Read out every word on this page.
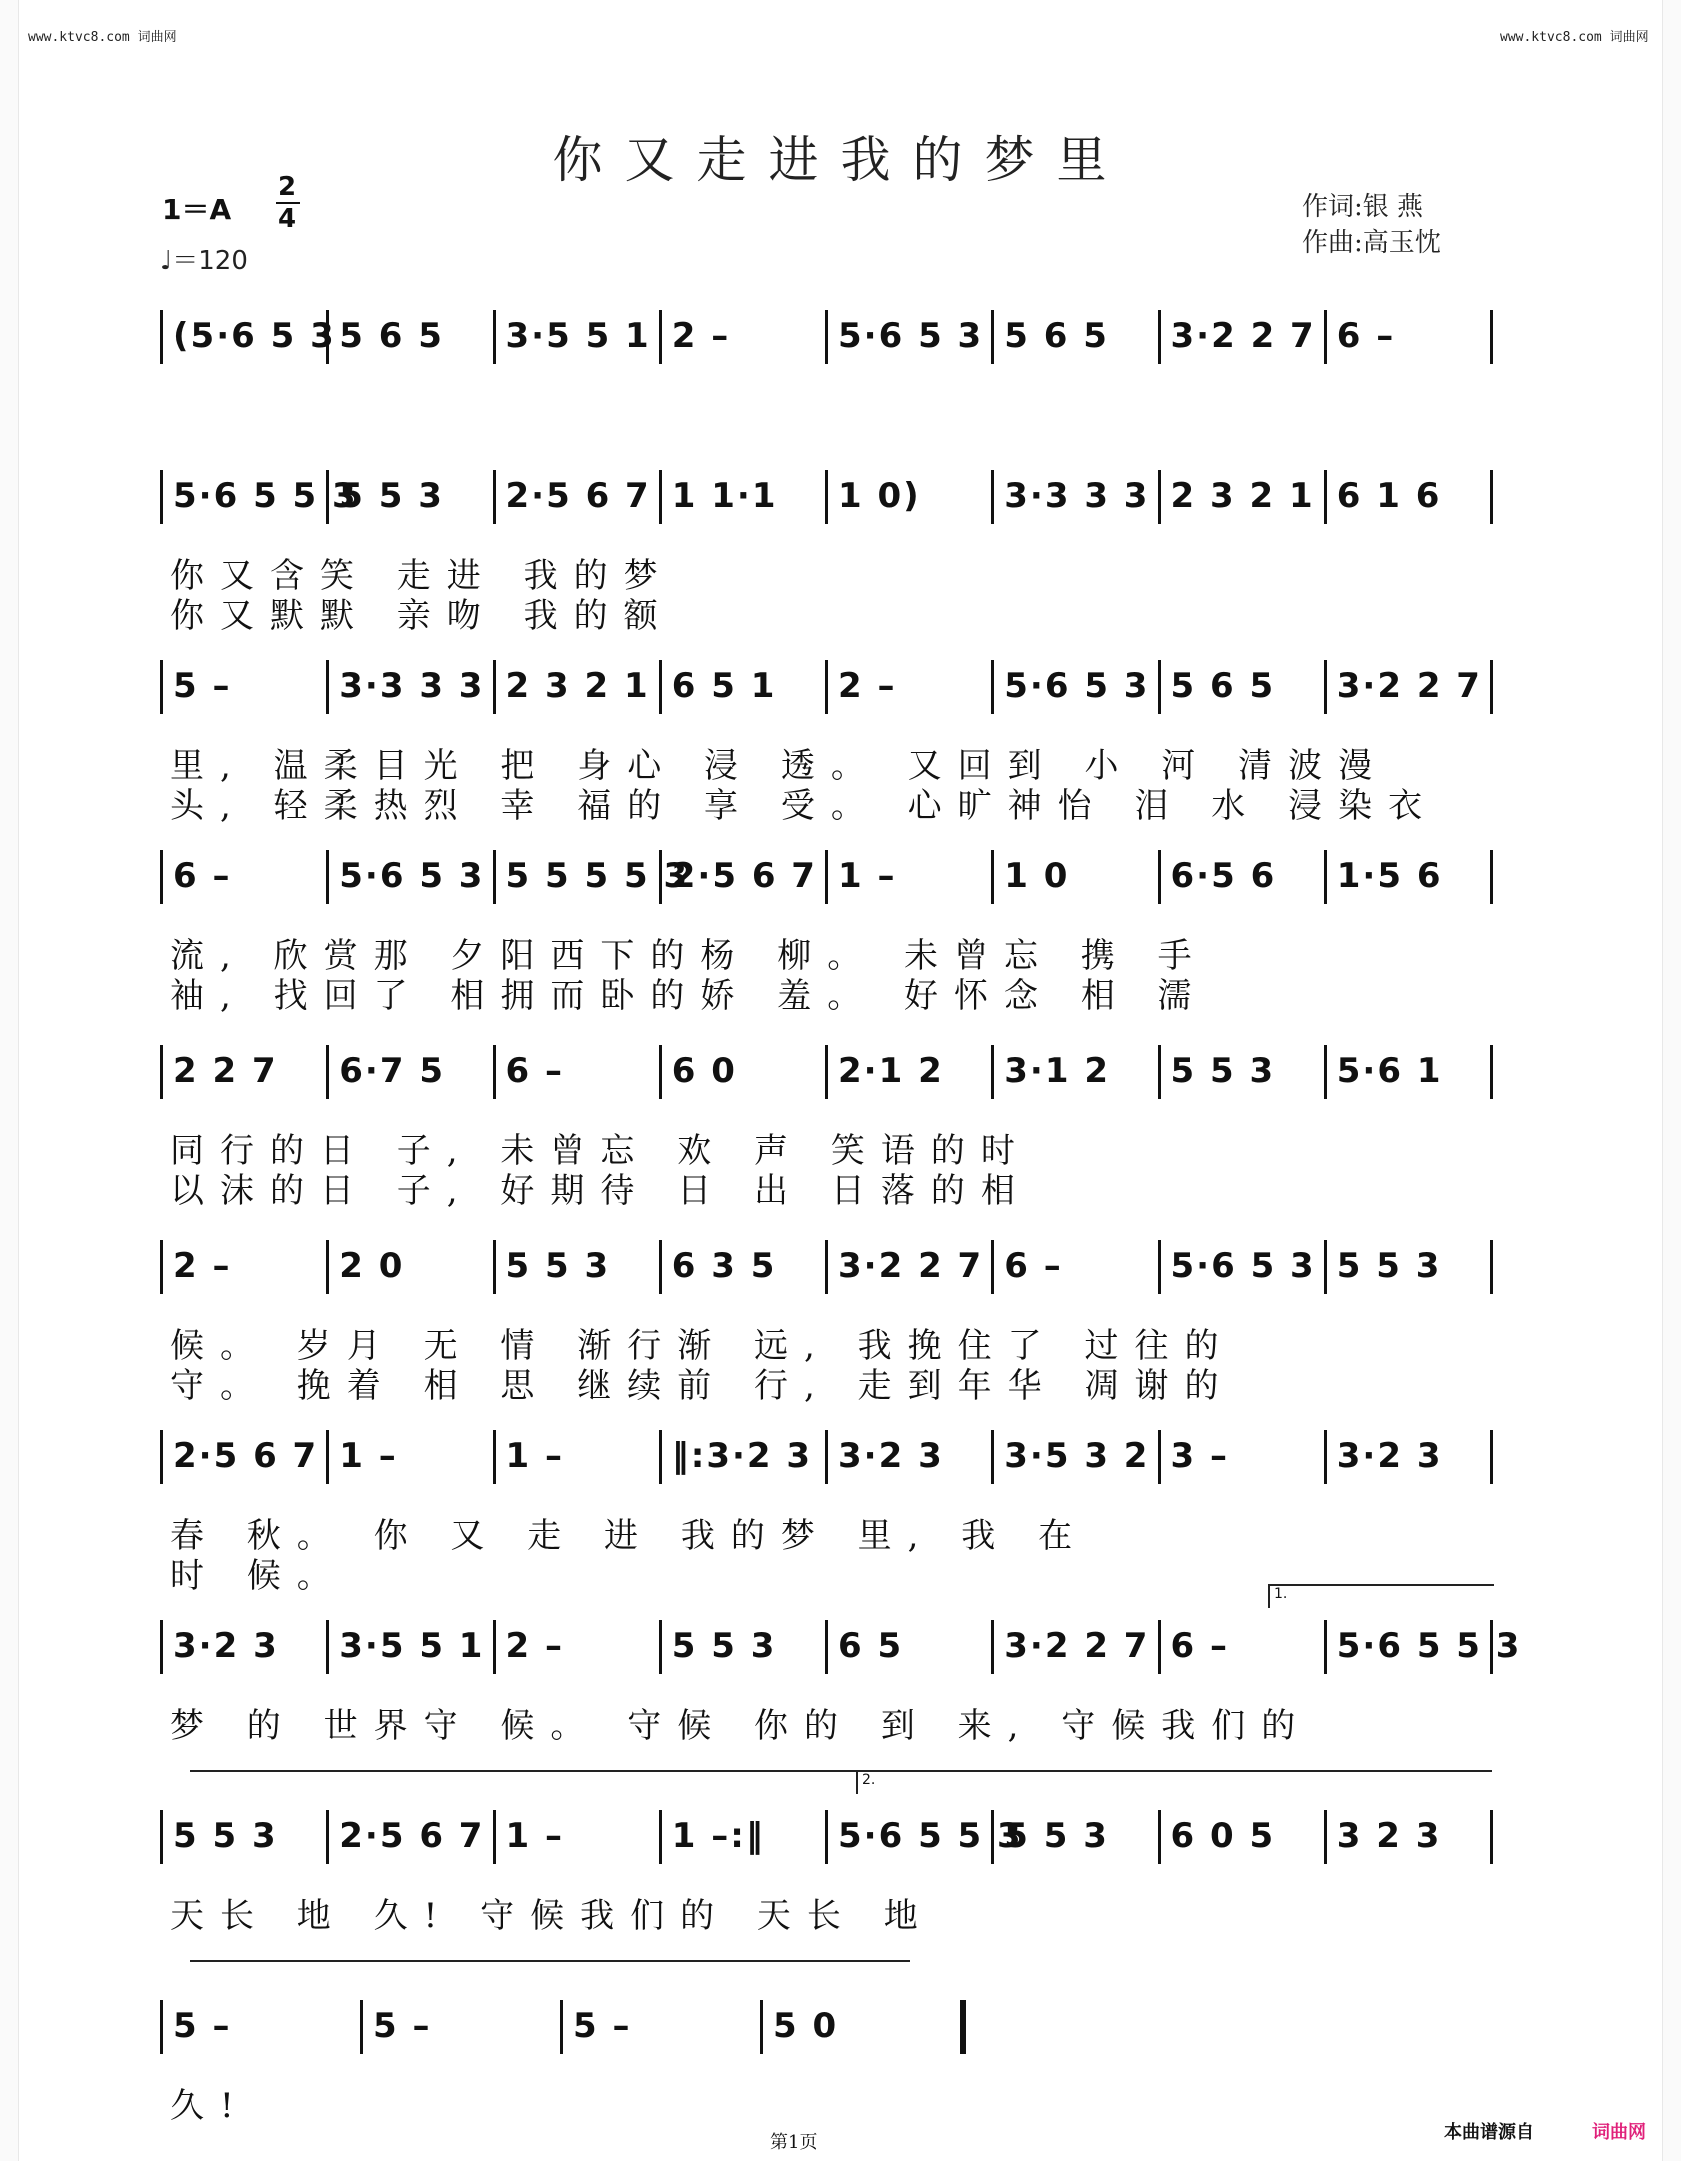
www.ktvc8.com 词曲网	www.ktvc8.com 词曲网
你又走进我的梦里
1＝A
2
4
♩＝120
作词:银 燕
作曲:高玉忱
(5·6 5 3 5 6 5 3·5 5 1 2 –	5·6 5 3 5 6 5 3·2 2 7 6 –
5·6 5 5 3
5 5 3 2·5 6 7 1 1·1 1 0) 3·3 3 3 2 3 2 1 6 1 6
你又含笑 走进 我的梦
你又默默 亲吻 我的额
5 –	3·3 3 3 2 3 2 1 6 5 1 2 –	5·6 5 3 5 6 5 3·2 2 7
里, 温柔目光 把 身心 浸 透。 又回到 小 河 清波漫
头, 轻柔热烈 幸 福的 享 受。 心旷神怡 泪 水 浸染衣
6 –	5·6 5 3 5 5 5 5 3
2·5 6 7 1 –	1 0	6·5 6 1·5 6
流, 欣赏那 夕阳西下的杨 柳。 未曾忘 携 手
袖, 找回了 相拥而卧的娇 羞。 好怀念 相 濡
2 2 7 6·7 5 6 –	6 0	2·1 2 3·1 2 5 5 3 5·6 1
同行的日 子, 未曾忘 欢 声 笑语的时
以沫的日 子, 好期待 日 出 日落的相
2 –	2 0	5 5 3 6 3 5 3·2 2 7 6 –	5·6 5 3 5 5 3
候。 岁月 无 情 渐行渐 远, 我挽住了 过往的
守。 挽着 相 思 继续前 行, 走到年华 凋谢的
2·5 6 7 1 –	1 –	‖:3·2 3 3·2 3 3·5 3 2 3 –	3·2 3
春 秋。 你 又 走 进 我的梦 里, 我 在
时 候。
3·2 3 3·5 5 1 2 –	5 5 3 6 5	3·2 2 7 6 –	5·6 5 5 3
梦 的 世界守 候。 守候 你的 到 来, 守候我们的
5 5 3 2·5 6 7 1 –	1 –:‖ 5·6 5 5 3
5 5 3 6 0 5 3 2 3
天长 地 久! 守候我们的 天长 地
5 –	5 –	5 –	5 0
久!
1.
2.
本曲谱源自	词曲网
第1页
